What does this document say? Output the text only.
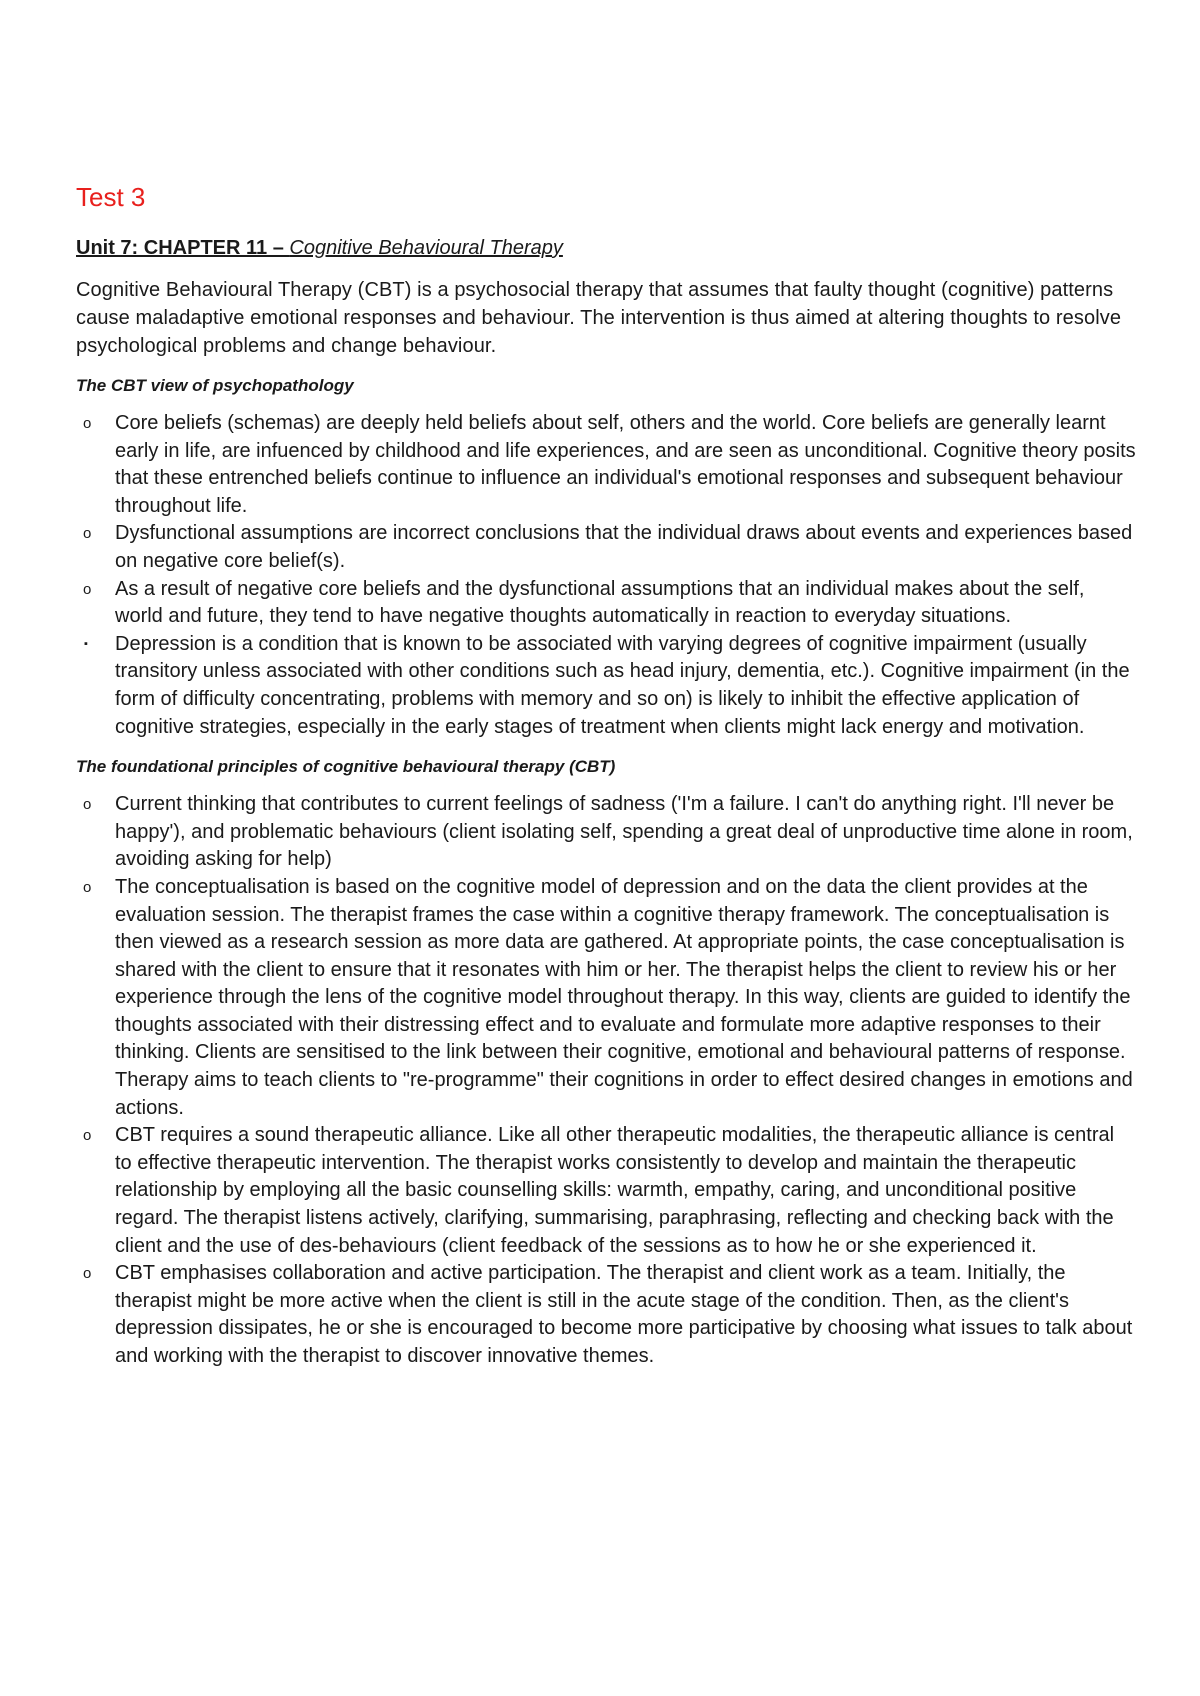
Test 3
Unit 7: CHAPTER 11 – Cognitive Behavioural Therapy

Cognitive Behavioural Therapy (CBT) is a psychosocial therapy that assumes that faulty thought (cognitive) patterns cause maladaptive emotional responses and behaviour. The intervention is thus aimed at altering thoughts to resolve psychological problems and change behaviour.

The CBT view of psychopathology
o Core beliefs (schemas) are deeply held beliefs about self, others and the world. Core beliefs are generally learnt early in life, are infuenced by childhood and life experiences, and are seen as unconditional. Cognitive theory posits that these entrenched beliefs continue to influence an individual's emotional responses and subsequent behaviour throughout life.
o Dysfunctional assumptions are incorrect conclusions that the individual draws about events and experiences based on negative core belief(s).
o As a result of negative core beliefs and the dysfunctional assumptions that an individual makes about the self, world and future, they tend to have negative thoughts automatically in reaction to everyday situations.
▪	Depression is a condition that is known to be associated with varying degrees of cognitive impairment (usually transitory unless associated with other conditions such as head injury, dementia, etc.). Cognitive impairment (in the form of difficulty concentrating, problems with memory and so on) is likely to inhibit the effective application of cognitive strategies, especially in the early stages of treatment when clients might lack energy and motivation.
The foundational principles of cognitive behavioural therapy (CBT)
o Current thinking that contributes to current feelings of sadness ('I'm a failure. I can't do anything right. I'll never be happy'), and problematic behaviours (client isolating self, spending a great deal of unproductive time alone in room, avoiding asking for help)
o The conceptualisation is based on the cognitive model of depression and on the data the client provides at the evaluation session. The therapist frames the case within a cognitive therapy framework. The conceptualisation is then viewed as a research session as more data are gathered. At appropriate points, the case conceptualisation is shared with the client to ensure that it resonates with him or her. The therapist helps the client to review his or her experience through the lens of the cognitive model throughout therapy. In this way, clients are guided to identify the thoughts associated with their distressing effect and to evaluate and formulate more adaptive responses to their thinking. Clients are sensitised to the link between their cognitive, emotional and behavioural patterns of response. Therapy aims to teach clients to "re-programme" their cognitions in order to effect desired changes in emotions and actions.
o CBT requires a sound therapeutic alliance. Like all other therapeutic modalities, the therapeutic alliance is central to effective therapeutic intervention. The therapist works consistently to develop and maintain the therapeutic relationship by employing all the basic counselling skills: warmth, empathy, caring, and unconditional positive regard. The therapist listens actively, clarifying, summarising, paraphrasing, reflecting and checking back with the client and the use of des-behaviours (client feedback of the sessions as to how he or she experienced it.
o CBT emphasises collaboration and active participation. The therapist and client work as a team. Initially, the therapist might be more active when the client is still in the acute stage of the condition. Then, as the client's depression dissipates, he or she is encouraged to become more participative by choosing what issues to talk about and working with the therapist to discover innovative themes.
